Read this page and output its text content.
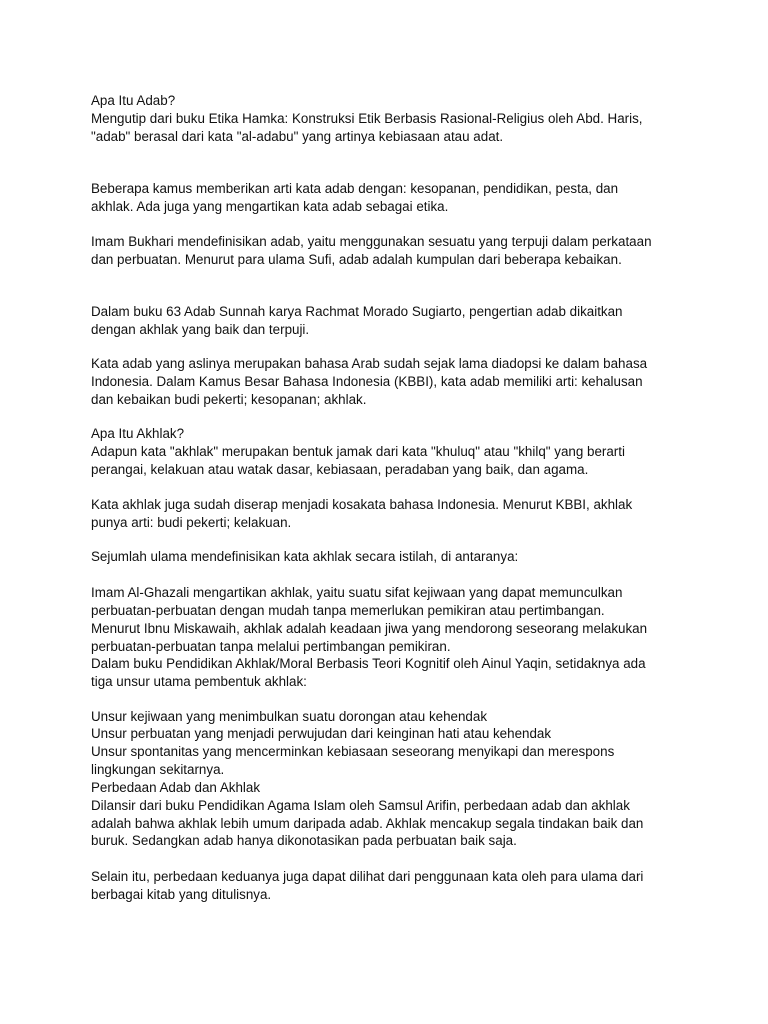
Apa Itu Adab?

Mengutip dari buku Etika Hamka: Konstruksi Etik Berbasis Rasional-Religius oleh Abd. Haris,

"adab" berasal dari kata "al-adabu" yang artinya kebiasaan atau adat.

Beberapa kamus memberikan arti kata adab dengan: kesopanan, pendidikan, pesta, dan

akhlak. Ada juga yang mengartikan kata adab sebagai etika.

Imam Bukhari mendefinisikan adab, yaitu menggunakan sesuatu yang terpuji dalam perkataan

dan perbuatan. Menurut para ulama Sufi, adab adalah kumpulan dari beberapa kebaikan.

Dalam buku 63 Adab Sunnah karya Rachmat Morado Sugiarto, pengertian adab dikaitkan

dengan akhlak yang baik dan terpuji.

Kata adab yang aslinya merupakan bahasa Arab sudah sejak lama diadopsi ke dalam bahasa

Indonesia. Dalam Kamus Besar Bahasa Indonesia (KBBI), kata adab memiliki arti: kehalusan

dan kebaikan budi pekerti; kesopanan; akhlak.

Apa Itu Akhlak?

Adapun kata "akhlak" merupakan bentuk jamak dari kata "khuluq" atau "khilq" yang berarti

perangai, kelakuan atau watak dasar, kebiasaan, peradaban yang baik, dan agama.

Kata akhlak juga sudah diserap menjadi kosakata bahasa Indonesia. Menurut KBBI, akhlak

punya arti: budi pekerti; kelakuan.

Sejumlah ulama mendefinisikan kata akhlak secara istilah, di antaranya:

Imam Al-Ghazali mengartikan akhlak, yaitu suatu sifat kejiwaan yang dapat memunculkan

perbuatan-perbuatan dengan mudah tanpa memerlukan pemikiran atau pertimbangan.

Menurut Ibnu Miskawaih, akhlak adalah keadaan jiwa yang mendorong seseorang melakukan

perbuatan-perbuatan tanpa melalui pertimbangan pemikiran.

Dalam buku Pendidikan Akhlak/Moral Berbasis Teori Kognitif oleh Ainul Yaqin, setidaknya ada

tiga unsur utama pembentuk akhlak:

Unsur kejiwaan yang menimbulkan suatu dorongan atau kehendak

Unsur perbuatan yang menjadi perwujudan dari keinginan hati atau kehendak

Unsur spontanitas yang mencerminkan kebiasaan seseorang menyikapi dan merespons

lingkungan sekitarnya.

Perbedaan Adab dan Akhlak

Dilansir dari buku Pendidikan Agama Islam oleh Samsul Arifin, perbedaan adab dan akhlak

adalah bahwa akhlak lebih umum daripada adab. Akhlak mencakup segala tindakan baik dan

buruk. Sedangkan adab hanya dikonotasikan pada perbuatan baik saja.

Selain itu, perbedaan keduanya juga dapat dilihat dari penggunaan kata oleh para ulama dari

berbagai kitab yang ditulisnya.
